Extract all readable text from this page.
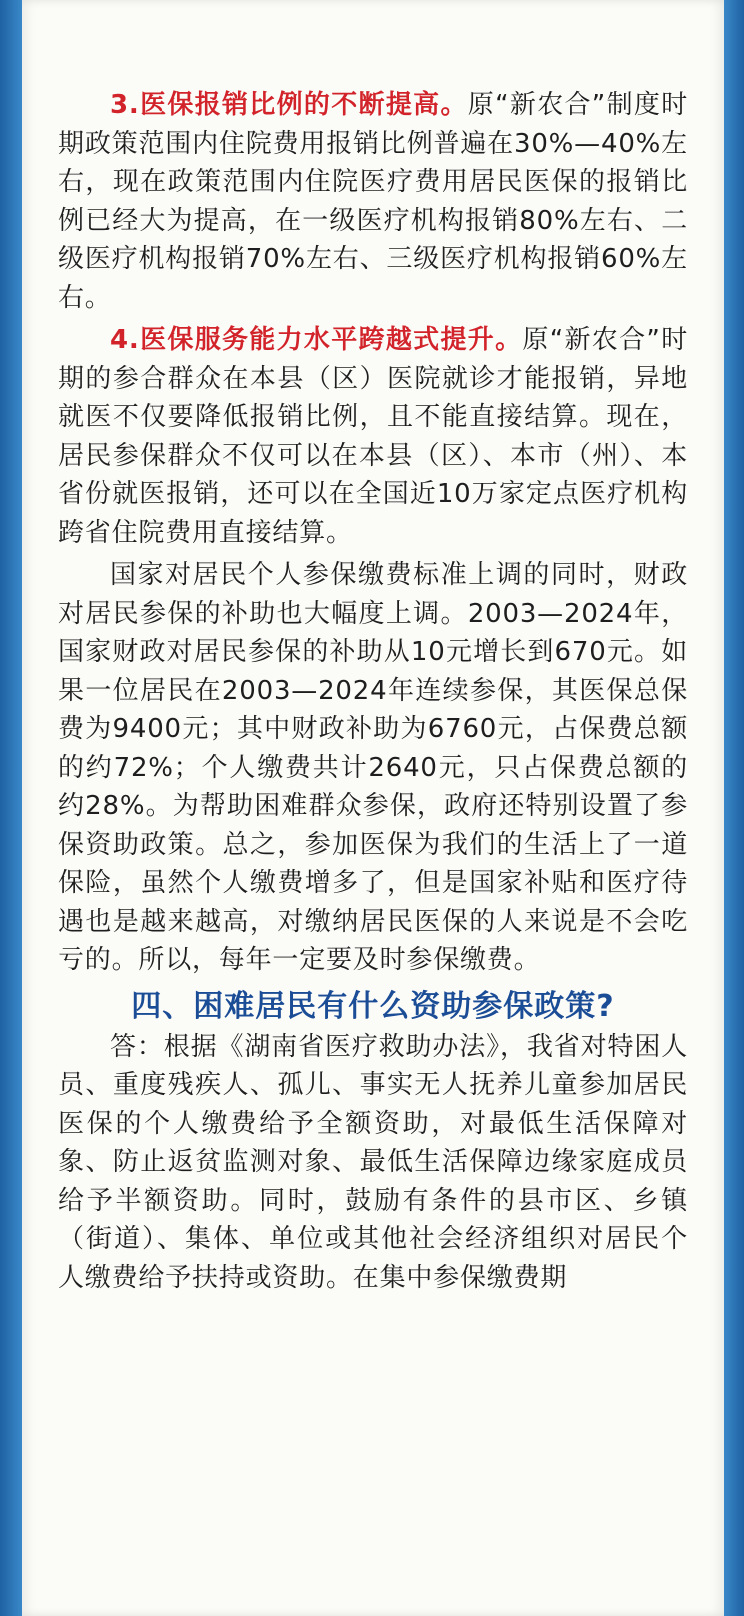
3.医保报销比例的不断提高。原“新农合”制度时期政策范围内住院费用报销比例普遍在30%—40%左右，现在政策范围内住院医疗费用居民医保的报销比例已经大为提高，在一级医疗机构报销80%左右、二级医疗机构报销70%左右、三级医疗机构报销60%左右。

4.医保服务能力水平跨越式提升。原“新农合”时期的参合群众在本县（区）医院就诊才能报销，异地就医不仅要降低报销比例，且不能直接结算。现在，居民参保群众不仅可以在本县（区）、本市（州）、本省份就医报销，还可以在全国近10万家定点医疗机构跨省住院费用直接结算。

国家对居民个人参保缴费标准上调的同时，财政对居民参保的补助也大幅度上调。2003—2024年，国家财政对居民参保的补助从10元增长到670元。如果一位居民在2003—2024年连续参保，其医保总保费为9400元；其中财政补助为6760元，占保费总额的约72%；个人缴费共计2640元，只占保费总额的约28%。为帮助困难群众参保，政府还特别设置了参保资助政策。总之，参加医保为我们的生活上了一道保险，虽然个人缴费增多了，但是国家补贴和医疗待遇也是越来越高，对缴纳居民医保的人来说是不会吃亏的。所以，每年一定要及时参保缴费。

四、困难居民有什么资助参保政策?

答：根据《湖南省医疗救助办法》，我省对特困人员、重度残疾人、孤儿、事实无人抚养儿童参加居民医保的个人缴费给予全额资助，对最低生活保障对象、防止返贫监测对象、最低生活保障边缘家庭成员给予半额资助。同时，鼓励有条件的县市区、乡镇（街道）、集体、单位或其他社会经济组织对居民个人缴费给予扶持或资助。在集中参保缴费期
